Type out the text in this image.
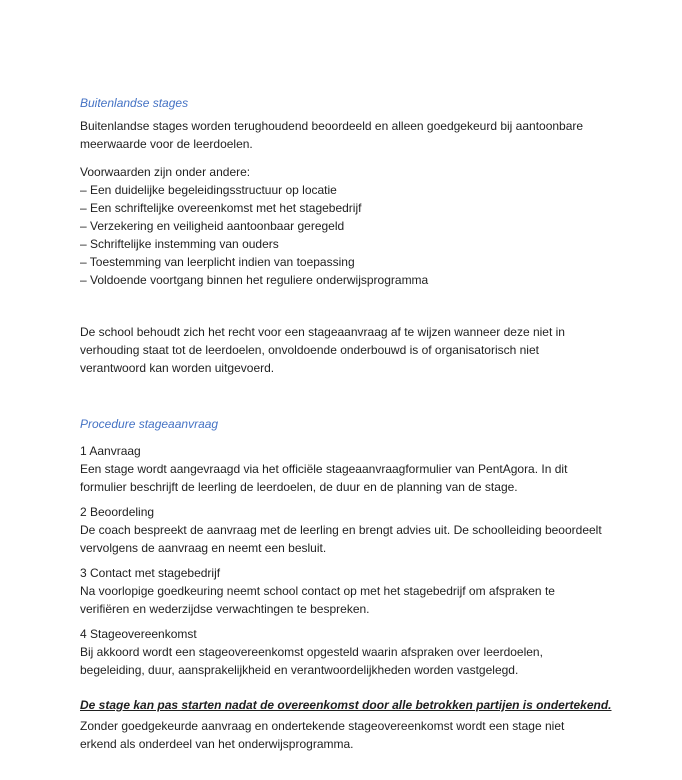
Buitenlandse stages

Buitenlandse stages worden terughoudend beoordeeld en alleen goedgekeurd bij aantoonbare meerwaarde voor de leerdoelen.

Voorwaarden zijn onder andere:

– Een duidelijke begeleidingsstructuur op locatie
– Een schriftelijke overeenkomst met het stagebedrijf
– Verzekering en veiligheid aantoonbaar geregeld
– Schriftelijke instemming van ouders
– Toestemming van leerplicht indien van toepassing
– Voldoende voortgang binnen het reguliere onderwijsprogramma

De school behoudt zich het recht voor een stageaanvraag af te wijzen wanneer deze niet in verhouding staat tot de leerdoelen, onvoldoende onderbouwd is of organisatorisch niet verantwoord kan worden uitgevoerd.

Procedure stageaanvraag

1 Aanvraag

Een stage wordt aangevraagd via het officiële stageaanvraagformulier van PentAgora. In dit formulier beschrijft de leerling de leerdoelen, de duur en de planning van de stage.

2 Beoordeling

De coach bespreekt de aanvraag met de leerling en brengt advies uit. De schoolleiding beoordeelt vervolgens de aanvraag en neemt een besluit.

3 Contact met stagebedrijf

Na voorlopige goedkeuring neemt school contact op met het stagebedrijf om afspraken te verifiëren en wederzijdse verwachtingen te bespreken.

4 Stageovereenkomst

Bij akkoord wordt een stageovereenkomst opgesteld waarin afspraken over leerdoelen, begeleiding, duur, aansprakelijkheid en verantwoordelijkheden worden vastgelegd.

De stage kan pas starten nadat de overeenkomst door alle betrokken partijen is ondertekend.

Zonder goedgekeurde aanvraag en ondertekende stageovereenkomst wordt een stage niet erkend als onderdeel van het onderwijsprogramma.
